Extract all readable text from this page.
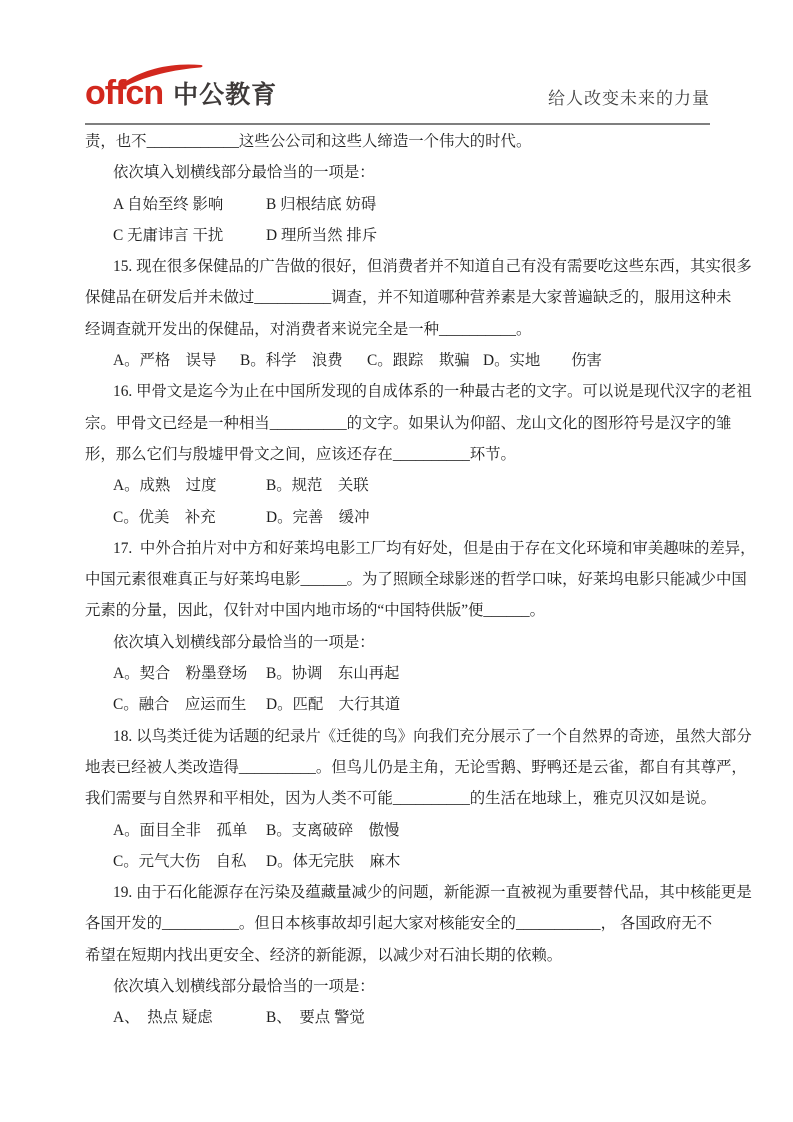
offcn 中公教育	给人改变未来的力量
责，也不____________这些公公司和这些人缔造一个伟大的时代。
依次填入划横线部分最恰当的一项是：
A 自始至终 影响	B 归根结底 妨碍
C 无庸讳言 干扰	D 理所当然 排斥
15. 现在很多保健品的广告做的很好，但消费者并不知道自己有没有需要吃这些东西，其实很多
保健品在研发后并未做过__________调查，并不知道哪种营养素是大家普遍缺乏的，服用这种未
经调查就开发出的保健品，对消费者来说完全是一种__________。
A。严格　误导	B。科学　浪费	C。跟踪　欺骗 D。实地　　伤害
16. 甲骨文是迄今为止在中国所发现的自成体系的一种最古老的文字。可以说是现代汉字的老祖
宗。甲骨文已经是一种相当__________的文字。如果认为仰韶、龙山文化的图形符号是汉字的雏
形，那么它们与殷墟甲骨文之间，应该还存在__________环节。
A。成熟　过度	B。规范　关联
C。优美　补充	D。完善　缓冲
17.  中外合拍片对中方和好莱坞电影工厂均有好处，但是由于存在文化环境和审美趣味的差异，
中国元素很难真正与好莱坞电影______。为了照顾全球影迷的哲学口味，好莱坞电影只能减少中国
元素的分量，因此，仅针对中国内地市场的“中国特供版”便______。
依次填入划横线部分最恰当的一项是：
A。契合　粉墨登场	B。协调　东山再起
C。融合　应运而生	D。匹配　大行其道
18. 以鸟类迁徙为话题的纪录片《迁徙的鸟》向我们充分展示了一个自然界的奇迹，虽然大部分
地表已经被人类改造得__________。但鸟儿仍是主角，无论雪鹅、野鸭还是云雀，都自有其尊严，
我们需要与自然界和平相处，因为人类不可能__________的生活在地球上，雅克贝汉如是说。
A。面目全非　孤单	B。支离破碎　傲慢
C。元气大伤　自私	D。体无完肤　麻木
19. 由于石化能源存在污染及蕴藏量减少的问题，新能源一直被视为重要替代品，其中核能更是
各国开发的__________。但日本核事故却引起大家对核能安全的___________， 各国政府无不
希望在短期内找出更安全、经济的新能源，以减少对石油长期的依赖。
依次填入划横线部分最恰当的一项是：
A、　热点 疑虑	B、　要点 警觉
